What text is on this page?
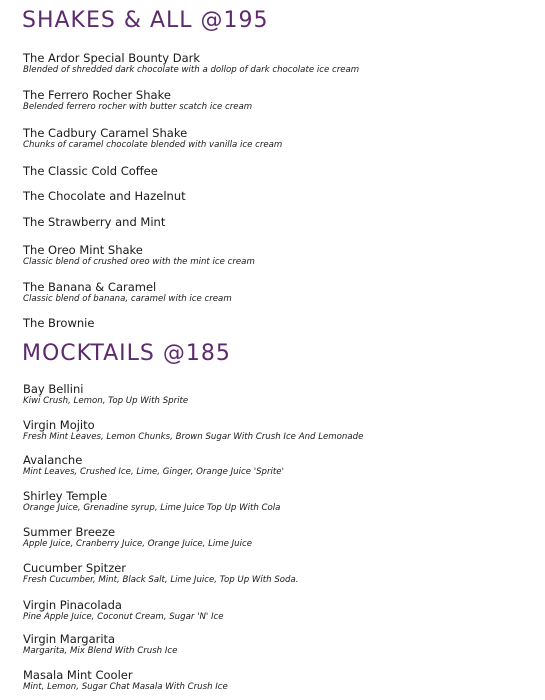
SHAKES & ALL @195
The Ardor Special Bounty Dark
Blended of shredded dark chocolate with a dollop of dark chocolate ice cream
The Ferrero Rocher Shake
Belended ferrero rocher with butter scatch ice cream
The Cadbury Caramel Shake
Chunks of caramel chocolate blended with vanilla ice cream
The Classic Cold Coffee
The Chocolate and Hazelnut
The Strawberry and Mint
The Oreo Mint Shake
Classic blend of crushed oreo with the mint ice cream
The Banana & Caramel
Classic blend of banana, caramel with ice cream
The Brownie
MOCKTAILS @185
Bay Bellini
Kiwi Crush, Lemon, Top Up With Sprite
Virgin Mojito
Fresh Mint Leaves, Lemon Chunks, Brown Sugar With Crush Ice And Lemonade
Avalanche
Mint Leaves, Crushed Ice, Lime, Ginger, Orange Juice 'Sprite'
Shirley Temple
Orange Juice, Grenadine syrup, Lime Juice Top Up With Cola
Summer Breeze
Apple Juice, Cranberry Juice, Orange Juice, Lime Juice
Cucumber Spitzer
Fresh Cucumber, Mint, Black Salt, Lime Juice, Top Up With Soda.
Virgin Pinacolada
Pine Apple Juice, Coconut Cream, Sugar 'N' Ice
Virgin Margarita
Margarita, Mix Blend With Crush Ice
Masala Mint Cooler
Mint, Lemon, Sugar Chat Masala With Crush Ice
